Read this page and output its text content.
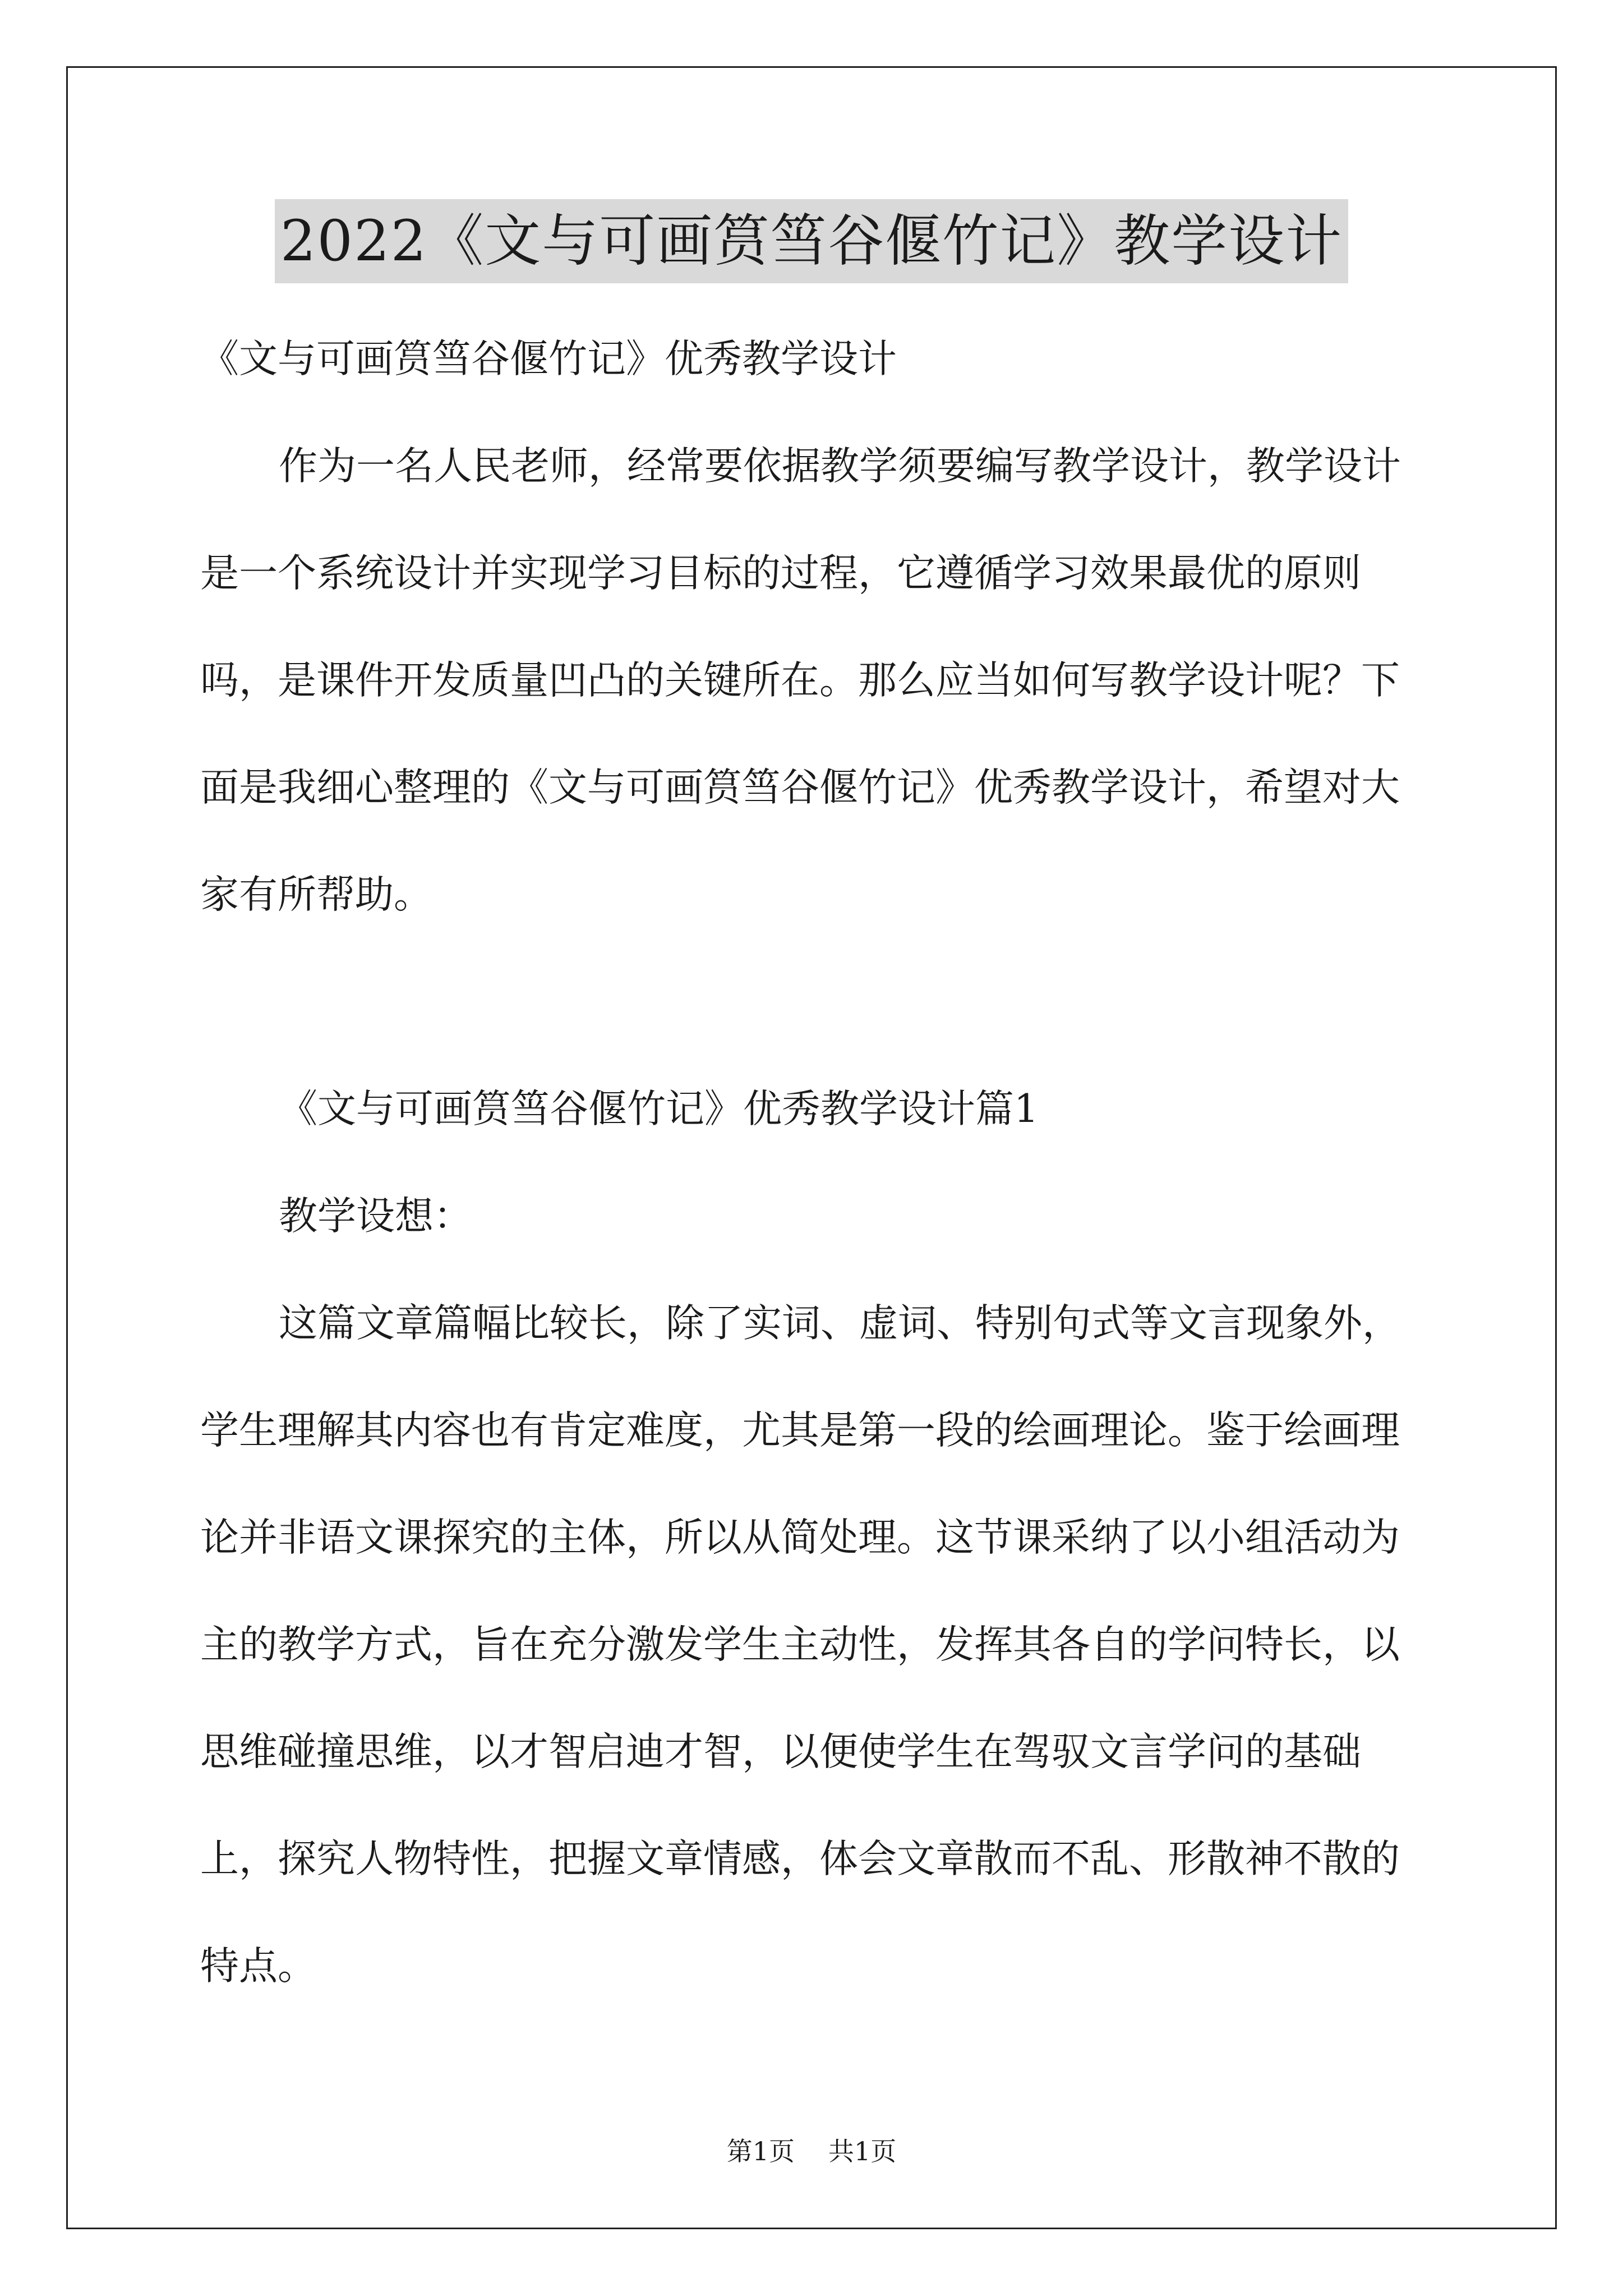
2022《文与可画筼筜谷偃竹记》教学设计

《文与可画筼筜谷偃竹记》优秀教学设计

作为一名人民老师，经常要依据教学须要编写教学设计，教学设计是一个系统设计并实现学习目标的过程，它遵循学习效果最优的原则吗，是课件开发质量凹凸的关键所在。那么应当如何写教学设计呢？下面是我细心整理的《文与可画筼筜谷偃竹记》优秀教学设计，希望对大家有所帮助。

《文与可画筼筜谷偃竹记》优秀教学设计篇1

教学设想：

这篇文章篇幅比较长，除了实词、虚词、特别句式等文言现象外，学生理解其内容也有肯定难度，尤其是第一段的绘画理论。鉴于绘画理论并非语文课探究的主体，所以从简处理。这节课采纳了以小组活动为主的教学方式，旨在充分激发学生主动性，发挥其各自的学问特长，以思维碰撞思维，以才智启迪才智，以便使学生在驾驭文言学问的基础上，探究人物特性，把握文章情感，体会文章散而不乱、形散神不散的特点。

第1页 共1页
